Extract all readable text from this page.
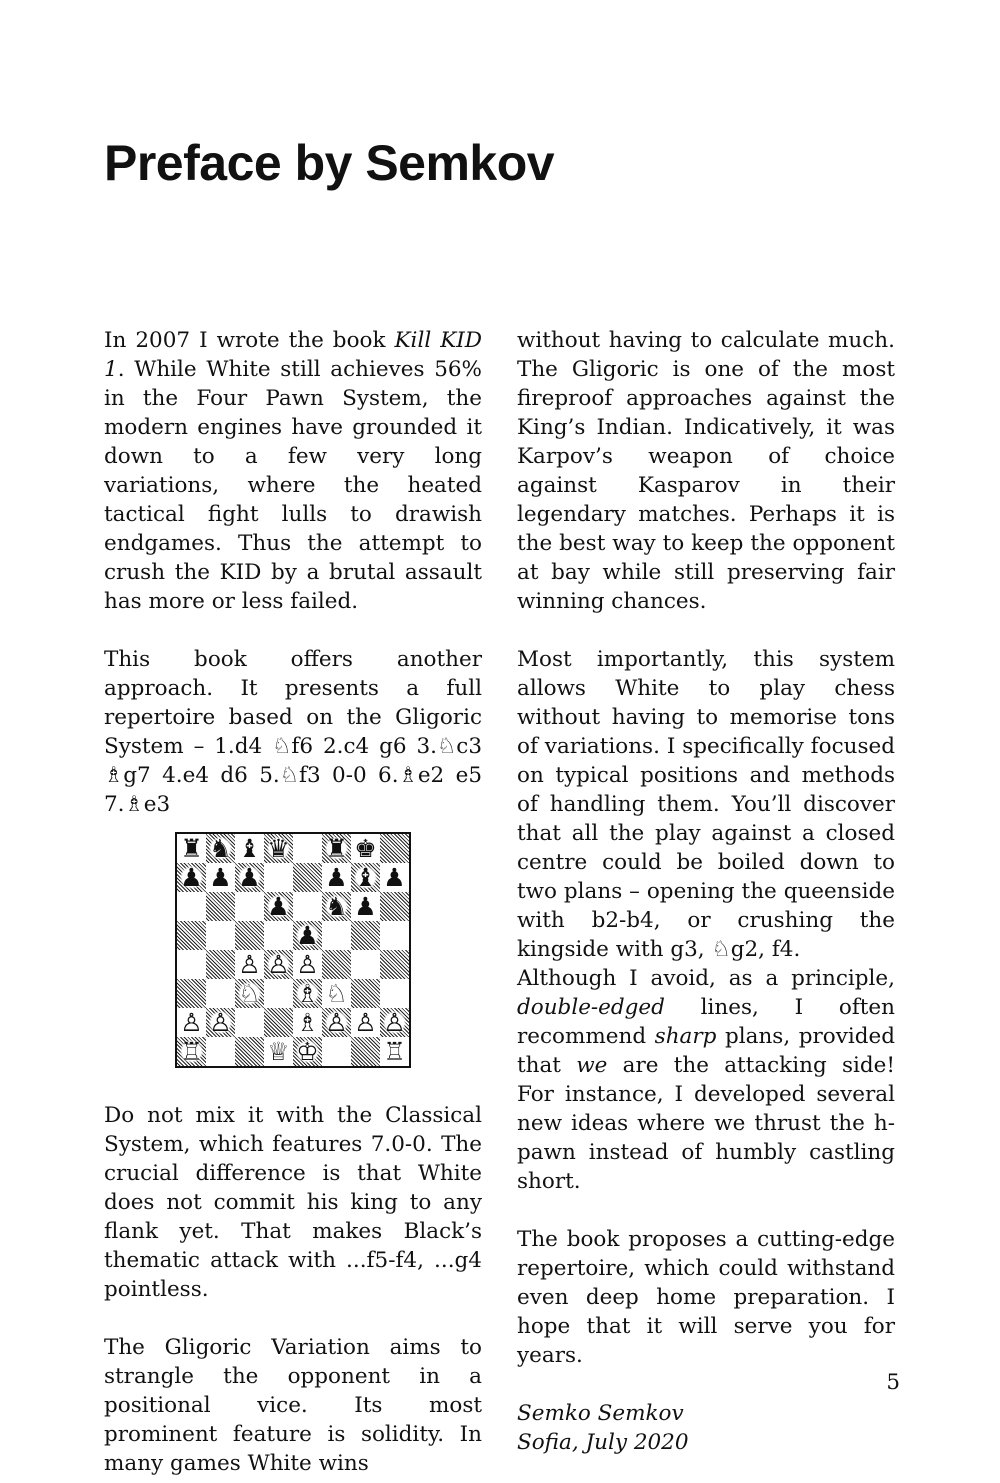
Preface by Semkov

In 2007 I wrote the book Kill KID 1. While White still achieves 56% in the Four Pawn System, the modern engines have grounded it down to a few very long variations, where the heated tactical fight lulls to drawish endgames. Thus the attempt to crush the KID by a brutal assault has more or less failed.

This book offers another approach. It presents a full repertoire based on the Gligoric System – 1.d4 ♘f6 2.c4 g6 3.♘c3 ♗g7 4.e4 d6 5.♘f3 0-0 6.♗e2 e5 7.♗e3

♜ ♞ ♝ ♛ ♜ ♚
♟ ♟ ♟	♟ ♝ ♟
♟ ♞ ♟
♟
♙ ♙ ♙
♘ ♗ ♘
♙ ♙	♗ ♙ ♙ ♙
♖	♕ ♔	♖

Do not mix it with the Classical System, which features 7.0-0. The crucial difference is that White does not commit his king to any flank yet. That makes Black’s thematic attack with ...f5-f4, ...g4 pointless.

The Gligoric Variation aims to strangle the opponent in a positional vice. Its most prominent feature is solidity. In many games White wins

without having to calculate much. The Gligoric is one of the most fireproof approaches against the King’s Indian. Indicatively, it was Karpov’s weapon of choice against Kasparov in their legendary matches. Perhaps it is the best way to keep the opponent at bay while still preserving fair winning chances.

Most importantly, this system allows White to play chess without having to memorise tons of variations. I specifically focused on typical positions and methods of handling them. You’ll discover that all the play against a closed centre could be boiled down to two plans – opening the queenside with b2-b4, or crushing the kingside with g3, ♘g2, f4.

Although I avoid, as a principle, double-edged lines, I often recommend sharp plans, provided that we are the attacking side! For instance, I developed several new ideas where we thrust the h-pawn instead of humbly castling short.

The book proposes a cutting-edge repertoire, which could withstand even deep home preparation. I hope that it will serve you for years.

Semko Semkov

Sofia, July 2020

5
